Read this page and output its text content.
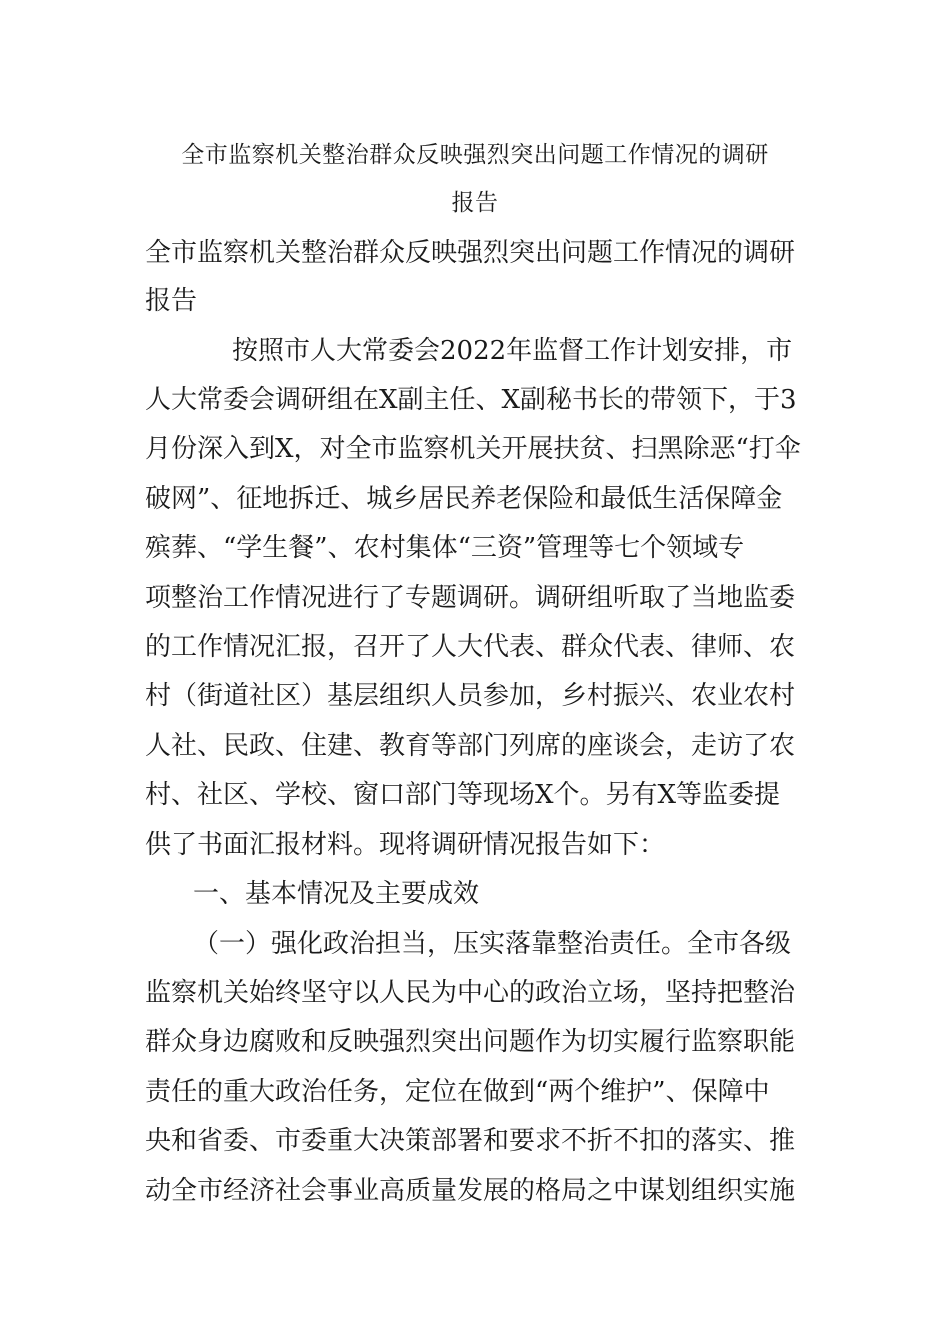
全市监察机关整治群众反映强烈突出问题工作情况的调研
报告
全市监察机关整治群众反映强烈突出问题工作情况的调研
报告
按照市人大常委会2022年监督工作计划安排，市
人大常委会调研组在X副主任、X副秘书长的带领下，于3
月份深入到X，对全市监察机关开展扶贫、扫黑除恶“打伞
破网”、征地拆迁、城乡居民养老保险和最低生活保障金
殡葬、“学生餐”、农村集体“三资”管理等七个领域专
项整治工作情况进行了专题调研。调研组听取了当地监委
的工作情况汇报，召开了人大代表、群众代表、律师、农
村（街道社区）基层组织人员参加，乡村振兴、农业农村
人社、民政、住建、教育等部门列席的座谈会，走访了农
村、社区、学校、窗口部门等现场X个。另有X等监委提
供了书面汇报材料。现将调研情况报告如下：
一、基本情况及主要成效
（一）强化政治担当，压实落靠整治责任。全市各级
监察机关始终坚守以人民为中心的政治立场，坚持把整治
群众身边腐败和反映强烈突出问题作为切实履行监察职能
责任的重大政治任务，定位在做到“两个维护”、保障中
央和省委、市委重大决策部署和要求不折不扣的落实、推
动全市经济社会事业高质量发展的格局之中谋划组织实施
